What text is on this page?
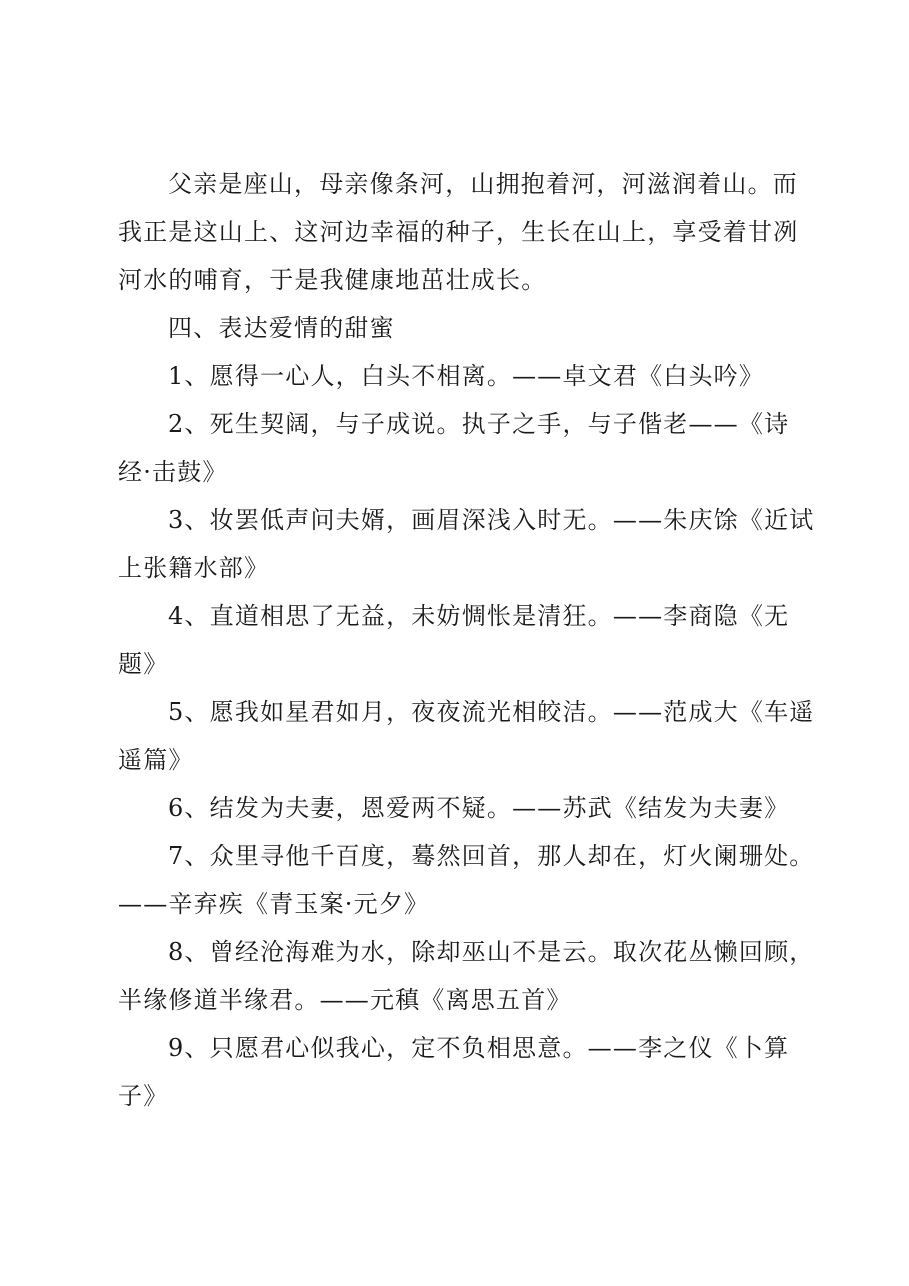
父亲是座山，母亲像条河，山拥抱着河，河滋润着山。而
我正是这山上、这河边幸福的种子，生长在山上，享受着甘冽
河水的哺育，于是我健康地茁壮成长。
四、表达爱情的甜蜜
1、愿得一心人，白头不相离。——卓文君《白头吟》
2、死生契阔，与子成说。执子之手，与子偕老——《诗
经·击鼓》
3、妆罢低声问夫婿，画眉深浅入时无。——朱庆馀《近试
上张籍水部》
4、直道相思了无益，未妨惆怅是清狂。——李商隐《无
题》
5、愿我如星君如月，夜夜流光相皎洁。——范成大《车遥
遥篇》
6、结发为夫妻，恩爱两不疑。——苏武《结发为夫妻》
7、众里寻他千百度，蓦然回首，那人却在，灯火阑珊处。
——辛弃疾《青玉案·元夕》
8、曾经沧海难为水，除却巫山不是云。取次花丛懒回顾，
半缘修道半缘君。——元稹《离思五首》
9、只愿君心似我心，定不负相思意。——李之仪《卜算
子》
